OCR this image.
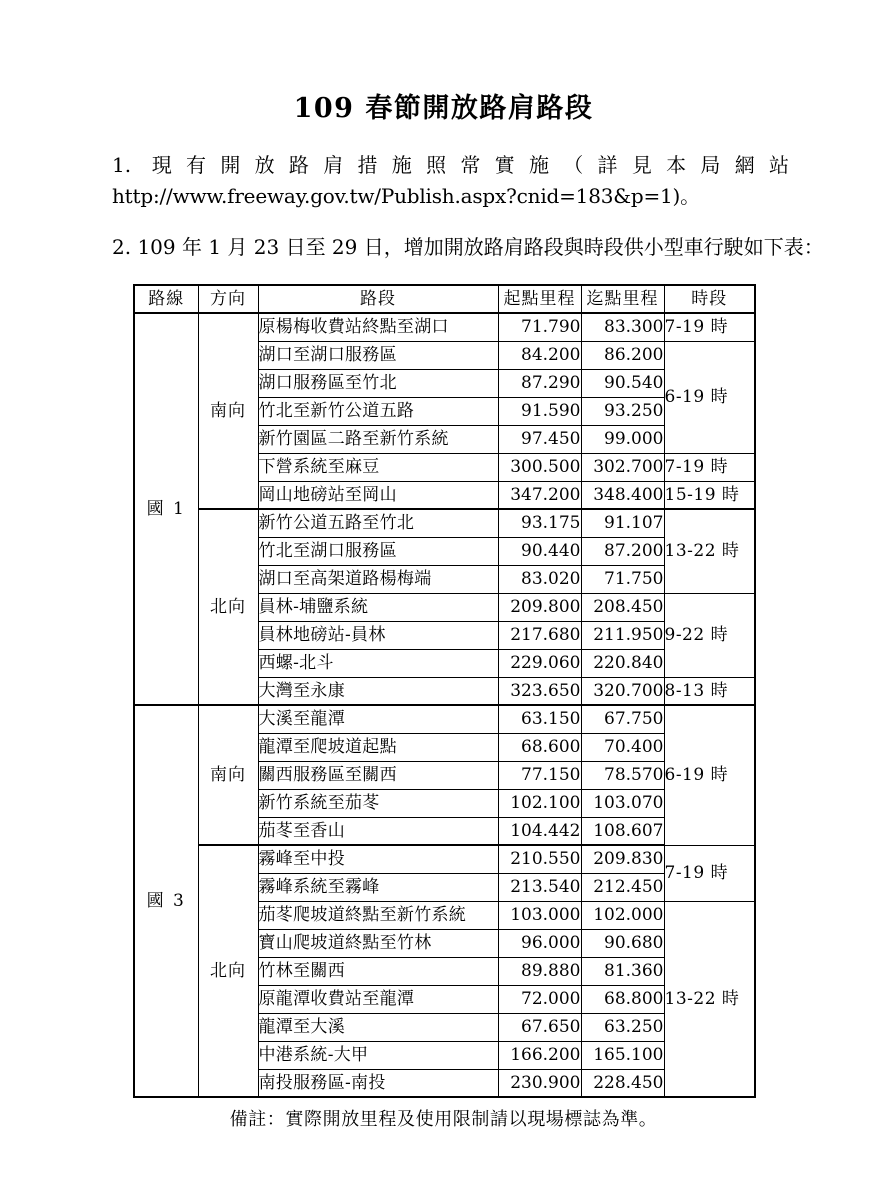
109 春節開放路肩路段

1. 現有開放路肩措施照常實施（詳見本局網站
http://www.freeway.gov.tw/Publish.aspx?cnid=183&p=1)。

2. 109 年 1 月 23 日至 29 日，增加開放路肩路段與時段供小型車行駛如下表：

路線	方向	路段	起點里程	迄點里程	時段
國 1	南向	原楊梅收費站終點至湖口	71.790	83.300	7-19 時
		湖口至湖口服務區	84.200	86.200	6-19 時
		湖口服務區至竹北	87.290	90.540	
		竹北至新竹公道五路	91.590	93.250	
		新竹園區二路至新竹系統	97.450	99.000	
		下營系統至麻豆	300.500	302.700	7-19 時
		岡山地磅站至岡山	347.200	348.400	15-19 時
	北向	新竹公道五路至竹北	93.175	91.107	13-22 時
		竹北至湖口服務區	90.440	87.200	
		湖口至高架道路楊梅端	83.020	71.750	
		員林-埔鹽系統	209.800	208.450	9-22 時
		員林地磅站-員林	217.680	211.950	
		西螺-北斗	229.060	220.840	
		大灣至永康	323.650	320.700	8-13 時
國 3	南向	大溪至龍潭	63.150	67.750	6-19 時
		龍潭至爬坡道起點	68.600	70.400	
		關西服務區至關西	77.150	78.570	
		新竹系統至茄苳	102.100	103.070	
		茄苳至香山	104.442	108.607	
	北向	霧峰至中投	210.550	209.830	7-19 時
		霧峰系統至霧峰	213.540	212.450	
		茄苳爬坡道終點至新竹系統	103.000	102.000	13-22 時
		寶山爬坡道終點至竹林	96.000	90.680	
		竹林至關西	89.880	81.360	
		原龍潭收費站至龍潭	72.000	68.800	
		龍潭至大溪	67.650	63.250	
		中港系統-大甲	166.200	165.100	
		南投服務區-南投	230.900	228.450	

備註：實際開放里程及使用限制請以現場標誌為準。
